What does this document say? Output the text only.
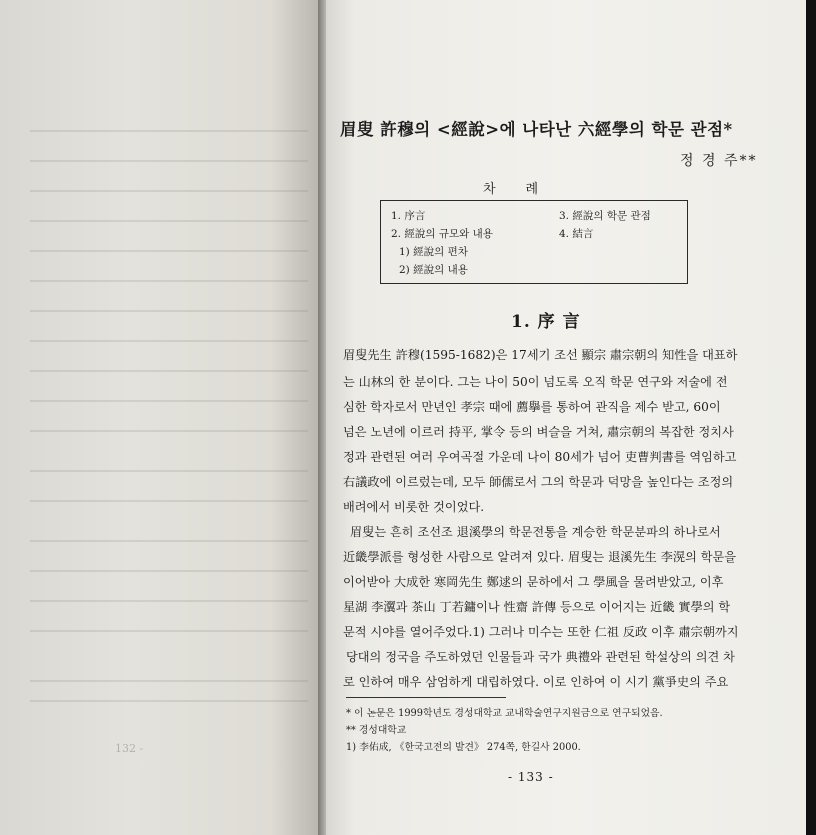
132 -
眉叟 許穆의 <經說>에 나타난 六經學의 학문 관점*
정 경 주**
차례
1. 序言
2. 經說의 규모와 내용
1) 經說의 편차
2) 經說의 내용
3. 經說의 학문 관점
4. 結言
1. 序 言
眉叟先生 許穆(1595-1682)은 17세기 조선 顯宗 肅宗朝의 知性을 대표하
는 山林의 한 분이다. 그는 나이 50이 넘도록 오직 학문 연구와 저술에 전
심한 학자로서 만년인 孝宗 때에 薦擧를 통하여 관직을 제수 받고, 60이
넘은 노년에 이르러 持平, 掌令 등의 벼슬을 거쳐, 肅宗朝의 복잡한 정치사
정과 관련된 여러 우여곡절 가운데 나이 80세가 넘어 吏曹判書를 역임하고
右議政에 이르렀는데, 모두 師儒로서 그의 학문과 덕망을 높인다는 조정의
배려에서 비롯한 것이었다.
眉叟는 흔히 조선조 退溪學의 학문전통을 계승한 학문분파의 하나로서
近畿學派를 형성한 사람으로 알려져 있다. 眉叟는 退溪先生 李滉의 학문을
이어받아 大成한 寒岡先生 鄭逑의 문하에서 그 學風을 물려받았고, 이후
星湖 李瀷과 茶山 丁若鏞이나 性齋 許傳 등으로 이어지는 近畿 實學의 학
문적 시야를 열어주었다.1) 그러나 미수는 또한 仁祖 反政 이후 肅宗朝까지
당대의 정국을 주도하였던 인물들과 국가 典禮와 관련된 학설상의 의견 차
로 인하여 매우 삼엄하게 대립하였다. 이로 인하여 이 시기 黨爭史의 주요
* 이 논문은 1999학년도 경성대학교 교내학술연구지원금으로 연구되었음.
** 경성대학교
1) 李佑成, 《한국고전의 발견》 274쪽, 한길사 2000.
- 133 -
